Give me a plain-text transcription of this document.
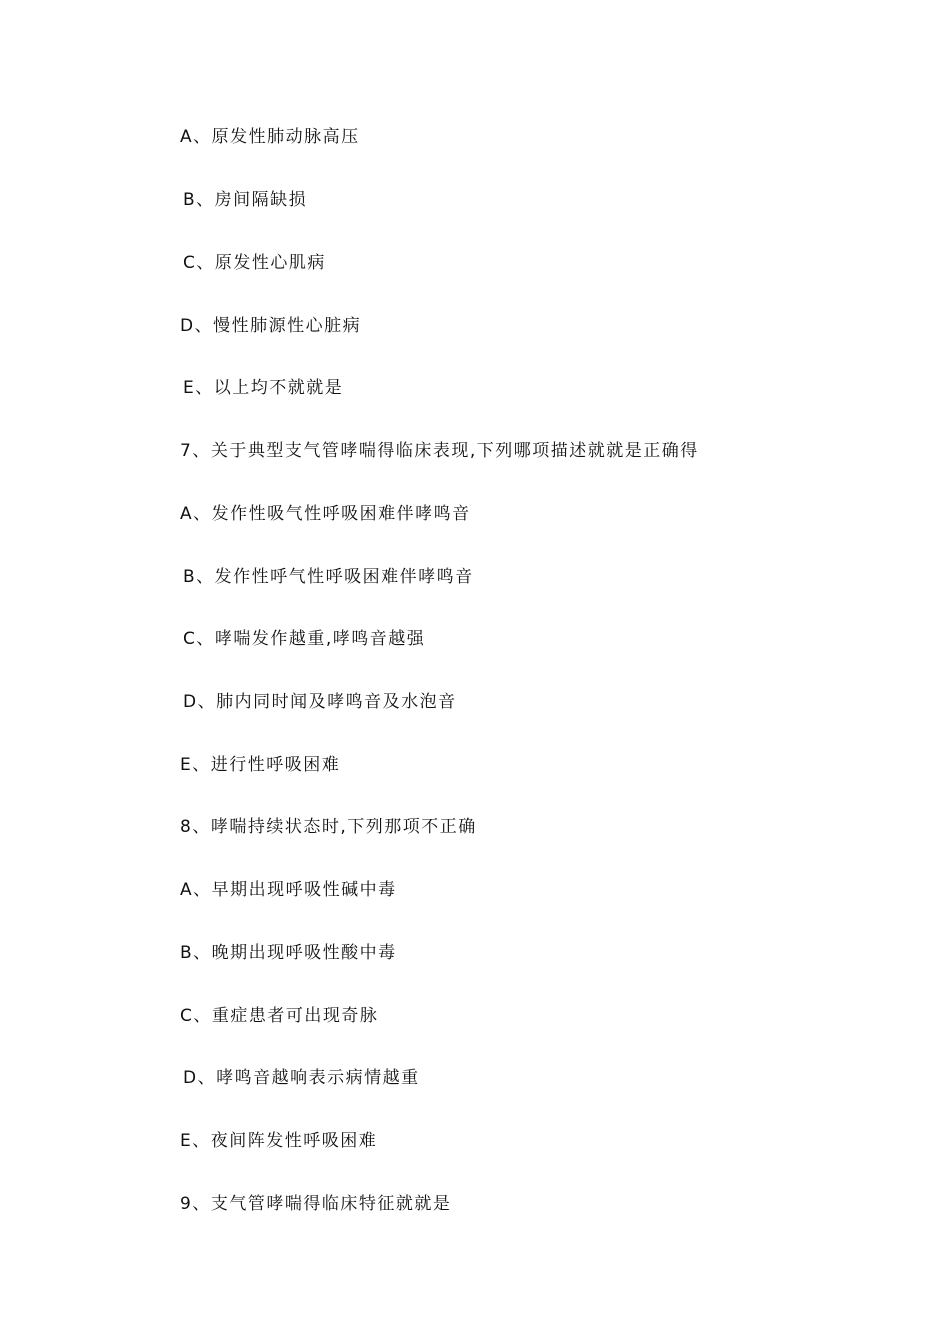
A、原发性肺动脉高压
B、房间隔缺损
C、原发性心肌病
D、慢性肺源性心脏病
E、以上均不就就是
7、关于典型支气管哮喘得临床表现,下列哪项描述就就是正确得
A、发作性吸气性呼吸困难伴哮鸣音
B、发作性呼气性呼吸困难伴哮鸣音
C、哮喘发作越重,哮鸣音越强
D、肺内同时闻及哮鸣音及水泡音
E、进行性呼吸困难
8、哮喘持续状态时,下列那项不正确
A、早期出现呼吸性碱中毒
B、晚期出现呼吸性酸中毒
C、重症患者可出现奇脉
D、哮鸣音越响表示病情越重
E、夜间阵发性呼吸困难
9、支气管哮喘得临床特征就就是
